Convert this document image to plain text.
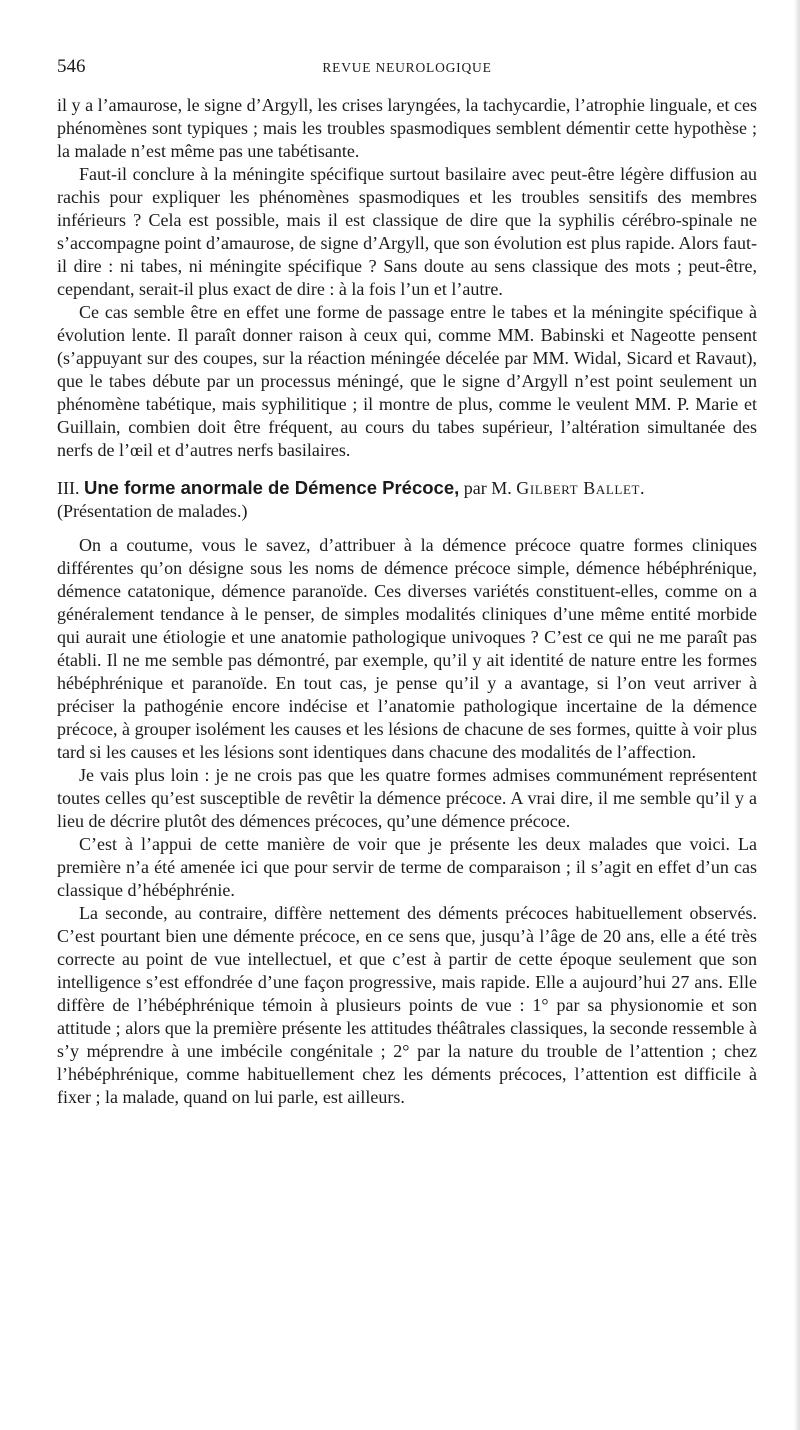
546	REVUE NEUROLOGIQUE

il y a l’amaurose, le signe d’Argyll, les crises laryngées, la tachycardie, l’atrophie linguale, et ces phénomènes sont typiques ; mais les troubles spasmodiques semblent démentir cette hypothèse ; la malade n’est même pas une tabétisante.

Faut-il conclure à la méningite spécifique surtout basilaire avec peut-être légère diffusion au rachis pour expliquer les phénomènes spasmodiques et les troubles sensitifs des membres inférieurs ? Cela est possible, mais il est classique de dire que la syphilis cérébro-spinale ne s’accompagne point d’amaurose, de signe d’Argyll, que son évolution est plus rapide. Alors faut-il dire : ni tabes, ni méningite spécifique ? Sans doute au sens classique des mots ; peut-être, cependant, serait-il plus exact de dire : à la fois l’un et l’autre.

Ce cas semble être en effet une forme de passage entre le tabes et la méningite spécifique à évolution lente. Il paraît donner raison à ceux qui, comme MM. Babinski et Nageotte pensent (s’appuyant sur des coupes, sur la réaction méningée décelée par MM. Widal, Sicard et Ravaut), que le tabes débute par un processus méningé, que le signe d’Argyll n’est point seulement un phénomène tabétique, mais syphilitique ; il montre de plus, comme le veulent MM. P. Marie et Guillain, combien doit être fréquent, au cours du tabes supérieur, l’altération simultanée des nerfs de l’œil et d’autres nerfs basilaires.

III. Une forme anormale de Démence Précoce, par M. Gilbert Ballet.

(Présentation de malades.)

On a coutume, vous le savez, d’attribuer à la démence précoce quatre formes cliniques différentes qu’on désigne sous les noms de démence précoce simple, démence hébéphrénique, démence catatonique, démence paranoïde. Ces diverses variétés constituent-elles, comme on a généralement tendance à le penser, de simples modalités cliniques d’une même entité morbide qui aurait une étiologie et une anatomie pathologique univoques ? C’est ce qui ne me paraît pas établi. Il ne me semble pas démontré, par exemple, qu’il y ait identité de nature entre les formes hébéphrénique et paranoïde. En tout cas, je pense qu’il y a avantage, si l’on veut arriver à préciser la pathogénie encore indécise et l’anatomie pathologique incertaine de la démence précoce, à grouper isolément les causes et les lésions de chacune de ses formes, quitte à voir plus tard si les causes et les lésions sont identiques dans chacune des modalités de l’affection.

Je vais plus loin : je ne crois pas que les quatre formes admises communément représentent toutes celles qu’est susceptible de revêtir la démence précoce. A vrai dire, il me semble qu’il y a lieu de décrire plutôt des démences précoces, qu’une démence précoce.

C’est à l’appui de cette manière de voir que je présente les deux malades que voici. La première n’a été amenée ici que pour servir de terme de comparaison ; il s’agit en effet d’un cas classique d’hébéphrénie.

La seconde, au contraire, diffère nettement des déments précoces habituellement observés. C’est pourtant bien une démente précoce, en ce sens que, jusqu’à l’âge de 20 ans, elle a été très correcte au point de vue intellectuel, et que c’est à partir de cette époque seulement que son intelligence s’est effondrée d’une façon progressive, mais rapide. Elle a aujourd’hui 27 ans. Elle diffère de l’hébéphrénique témoin à plusieurs points de vue : 1° par sa physionomie et son attitude ; alors que la première présente les attitudes théâtrales classiques, la seconde ressemble à s’y méprendre à une imbécile congénitale ; 2° par la nature du trouble de l’attention ; chez l’hébéphrénique, comme habituellement chez les déments précoces, l’attention est difficile à fixer ; la malade, quand on lui parle, est ailleurs.
